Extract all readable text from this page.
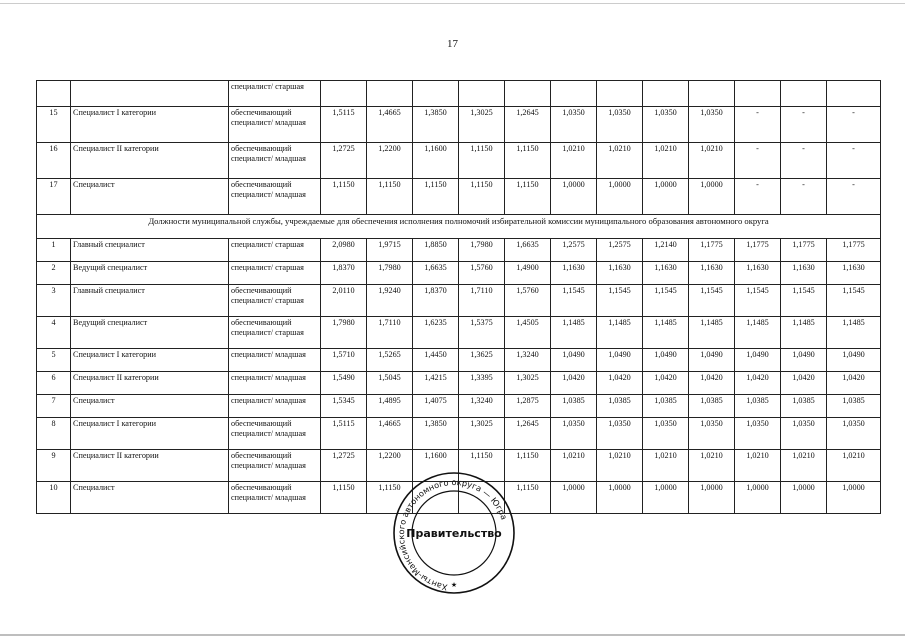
17
		специалист/ старшая												
15	Специалист I категории	обеспечивающий специалист/ младшая	1,5115	1,4665	1,3850	1,3025	1,2645	1,0350	1,0350	1,0350	1,0350	-	-	-
16	Специалист II категории	обеспечивающий специалист/ младшая	1,2725	1,2200	1,1600	1,1150	1,1150	1,0210	1,0210	1,0210	1,0210	-	-	-
17	Специалист	обеспечивающий специалист/ младшая	1,1150	1,1150	1,1150	1,1150	1,1150	1,0000	1,0000	1,0000	1,0000	-	-	-
Должности муниципальной службы, учреждаемые для обеспечения исполнения полномочий избирательной комиссии муниципального образования автономного округа														
1	Главный специалист	специалист/ старшая	2,0980	1,9715	1,8850	1,7980	1,6635	1,2575	1,2575	1,2140	1,1775	1,1775	1,1775	1,1775
2	Ведущий специалист	специалист/ старшая	1,8370	1,7980	1,6635	1,5760	1,4900	1,1630	1,1630	1,1630	1,1630	1,1630	1,1630	1,1630
3	Главный специалист	обеспечивающий специалист/ старшая	2,0110	1,9240	1,8370	1,7110	1,5760	1,1545	1,1545	1,1545	1,1545	1,1545	1,1545	1,1545
4	Ведущий специалист	обеспечивающий специалист/ старшая	1,7980	1,7110	1,6235	1,5375	1,4505	1,1485	1,1485	1,1485	1,1485	1,1485	1,1485	1,1485
5	Специалист I категории	специалист/ младшая	1,5710	1,5265	1,4450	1,3625	1,3240	1,0490	1,0490	1,0490	1,0490	1,0490	1,0490	1,0490
6	Специалист II категории	специалист/ младшая	1,5490	1,5045	1,4215	1,3395	1,3025	1,0420	1,0420	1,0420	1,0420	1,0420	1,0420	1,0420
7	Специалист	специалист/ младшая	1,5345	1,4895	1,4075	1,3240	1,2875	1,0385	1,0385	1,0385	1,0385	1,0385	1,0385	1,0385
8	Специалист I категории	обеспечивающий специалист/ младшая	1,5115	1,4665	1,3850	1,3025	1,2645	1,0350	1,0350	1,0350	1,0350	1,0350	1,0350	1,0350
9	Специалист II категории	обеспечивающий специалист/ младшая	1,2725	1,2200	1,1600	1,1150	1,1150	1,0210	1,0210	1,0210	1,0210	1,0210	1,0210	1,0210
10	Специалист	обеспечивающий специалист/ младшая	1,1150	1,1150			1,1150	1,0000	1,0000	1,0000	1,0000	1,0000	1,0000	1,0000
Ханты-Мансийского автономного округа — Югра
Правительство
★
